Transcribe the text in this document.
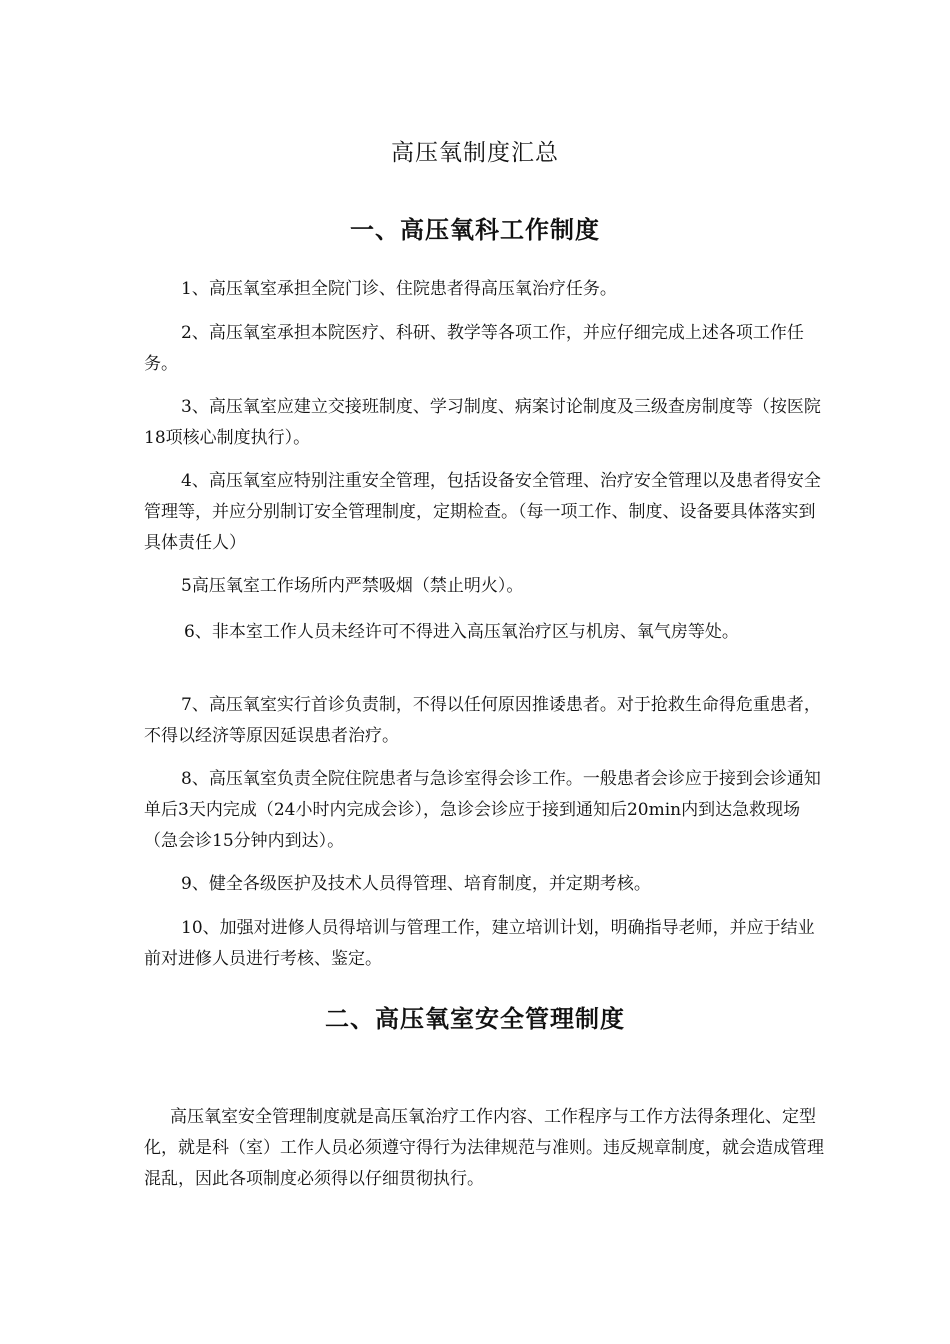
高压氧制度汇总
一、高压氧科工作制度

1、高压氧室承担全院门诊、住院患者得高压氧治疗任务。

2、高压氧室承担本院医疗、科研、教学等各项工作，并应仔细完成上述各项工作任务。

3、高压氧室应建立交接班制度、学习制度、病案讨论制度及三级查房制度等（按医院18项核心制度执行）。

4、高压氧室应特别注重安全管理，包括设备安全管理、治疗安全管理以及患者得安全管理等，并应分别制订安全管理制度，定期检查。（每一项工作、制度、设备要具体落实到具体责任人）

5高压氧室工作场所内严禁吸烟（禁止明火）。

6、非本室工作人员未经许可不得进入高压氧治疗区与机房、氧气房等处。

7、高压氧室实行首诊负责制，不得以任何原因推诿患者。对于抢救生命得危重患者，不得以经济等原因延误患者治疗。

8、高压氧室负责全院住院患者与急诊室得会诊工作。一般患者会诊应于接到会诊通知单后3天内完成（24小时内完成会诊），急诊会诊应于接到通知后20min内到达急救现场（急会诊15分钟内到达）。

9、健全各级医护及技术人员得管理、培育制度，并定期考核。

10、加强对进修人员得培训与管理工作，建立培训计划，明确指导老师，并应于结业前对进修人员进行考核、鉴定。

二、高压氧室安全管理制度

高压氧室安全管理制度就是高压氧治疗工作内容、工作程序与工作方法得条理化、定型化，就是科（室）工作人员必须遵守得行为法律规范与准则。违反规章制度，就会造成管理混乱，因此各项制度必须得以仔细贯彻执行。
